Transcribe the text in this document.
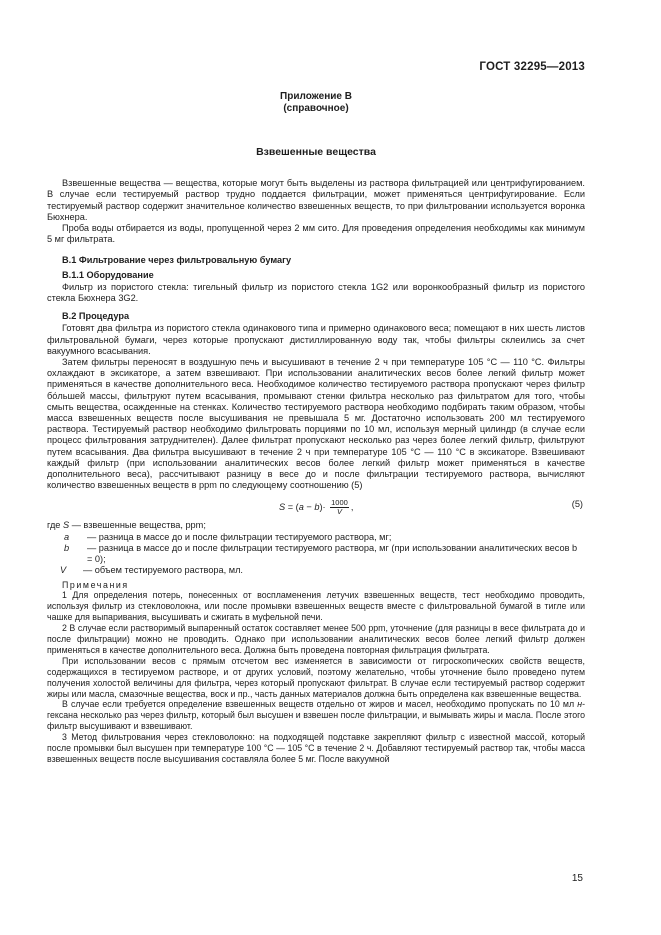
ГОСТ 32295—2013
Приложение В
(справочное)
Взвешенные вещества

Взвешенные вещества — вещества, которые могут быть выделены из раствора фильтрацией или центрифугированием. В случае если тестируемый раствор трудно поддается фильтрации, может применяться центрифугирование. Если тестируемый раствор содержит значительное количество взвешенных веществ, то при фильтровании используется воронка Бюхнера.

Проба воды отбирается из воды, пропущенной через 2 мм сито. Для проведения определения необходимы как минимум 5 мг фильтрата.

В.1 Фильтрование через фильтровальную бумагу
В.1.1 Оборудование

Фильтр из пористого стекла: тигельный фильтр из пористого стекла 1G2 или воронкообразный фильтр из пористого стекла Бюхнера 3G2.

В.2 Процедура

Готовят два фильтра из пористого стекла одинакового типа и примерно одинакового веса; помещают в них шесть листов фильтровальной бумаги, через которые пропускают дистиллированную воду так, чтобы фильтры склеились за счет вакуумного всасывания.

Затем фильтры переносят в воздушную печь и высушивают в течение 2 ч при температуре 105 °С — 110 °С. Фильтры охлаждают в эксикаторе, а затем взвешивают. При использовании аналитических весов более легкий фильтр может применяться в качестве дополнительного веса. Необходимое количество тестируемого раствора пропускают через фильтр бо́льшей массы, фильтруют путем всасывания, промывают стенки фильтра несколько раз фильтратом для того, чтобы смыть вещества, осажденные на стенках. Количество тестируемого раствора необходимо подбирать таким образом, чтобы масса взвешенных веществ после высушивания не превышала 5 мг. Достаточно использовать 200 мл тестируемого раствора. Тестируемый раствор необходимо фильтровать порциями по 10 мл, используя мерный цилиндр (в случае если процесс фильтрования затруднителен). Далее фильтрат пропускают несколько раз через более легкий фильтр, фильтруют путем всасывания. Два фильтра высушивают в течение 2 ч при температуре 105 °С — 110 °С в эксикаторе. Взвешивают каждый фильтр (при использовании аналитических весов более легкий фильтр может применяться в качестве дополнительного веса), рассчитывают разницу в весе до и после фильтрации тестируемого раствора, вычисляют количество взвешенных веществ в ppm по следующему соотношению (5)

$S = (a - b)\cdot \frac{1000}{V}$ ,	(5)
где S — взвешенные вещества, ppm;
a — разница в массе до и после фильтрации тестируемого раствора, мг;
b — разница в массе до и после фильтрации тестируемого раствора, мг (при использовании аналитических весов b = 0);
V — объем тестируемого раствора, мл.
Примечания

1 Для определения потерь, понесенных от воспламенения летучих взвешенных веществ, тест необходимо проводить, используя фильтр из стекловолокна, или после промывки взвешенных веществ вместе с фильтровальной бумагой в тигле или чашке для выпаривания, высушивать и сжигать в муфельной печи.

2 В случае если растворимый выпаренный остаток составляет менее 500 ppm, уточнение (для разницы в весе фильтрата до и после фильтрации) можно не проводить. Однако при использовании аналитических весов более легкий фильтр должен применяться в качестве дополнительного веса. Должна быть проведена повторная фильтрация фильтрата.

При использовании весов с прямым отсчетом вес изменяется в зависимости от гигроскопических свойств веществ, содержащихся в тестируемом растворе, и от других условий, поэтому желательно, чтобы уточнение было проведено путем получения холостой величины для фильтра, через который пропускают фильтрат. В случае если тестируемый раствор содержит жиры или масла, смазочные вещества, воск и пр., часть данных материалов должна быть определена как взвешенные вещества.

В случае если требуется определение взвешенных веществ отдельно от жиров и масел, необходимо пропускать по 10 мл н-гексана несколько раз через фильтр, который был высушен и взвешен после фильтрации, и вымывать жиры и масла. После этого фильтр высушивают и взвешивают.

3 Метод фильтрования через стекловолокно: на подходящей подставке закрепляют фильтр с известной массой, который после промывки был высушен при температуре 100 °С — 105 °С в течение 2 ч. Добавляют тестируемый раствор так, чтобы масса взвешенных веществ после высушивания составляла более 5 мг. После вакуумной

15
